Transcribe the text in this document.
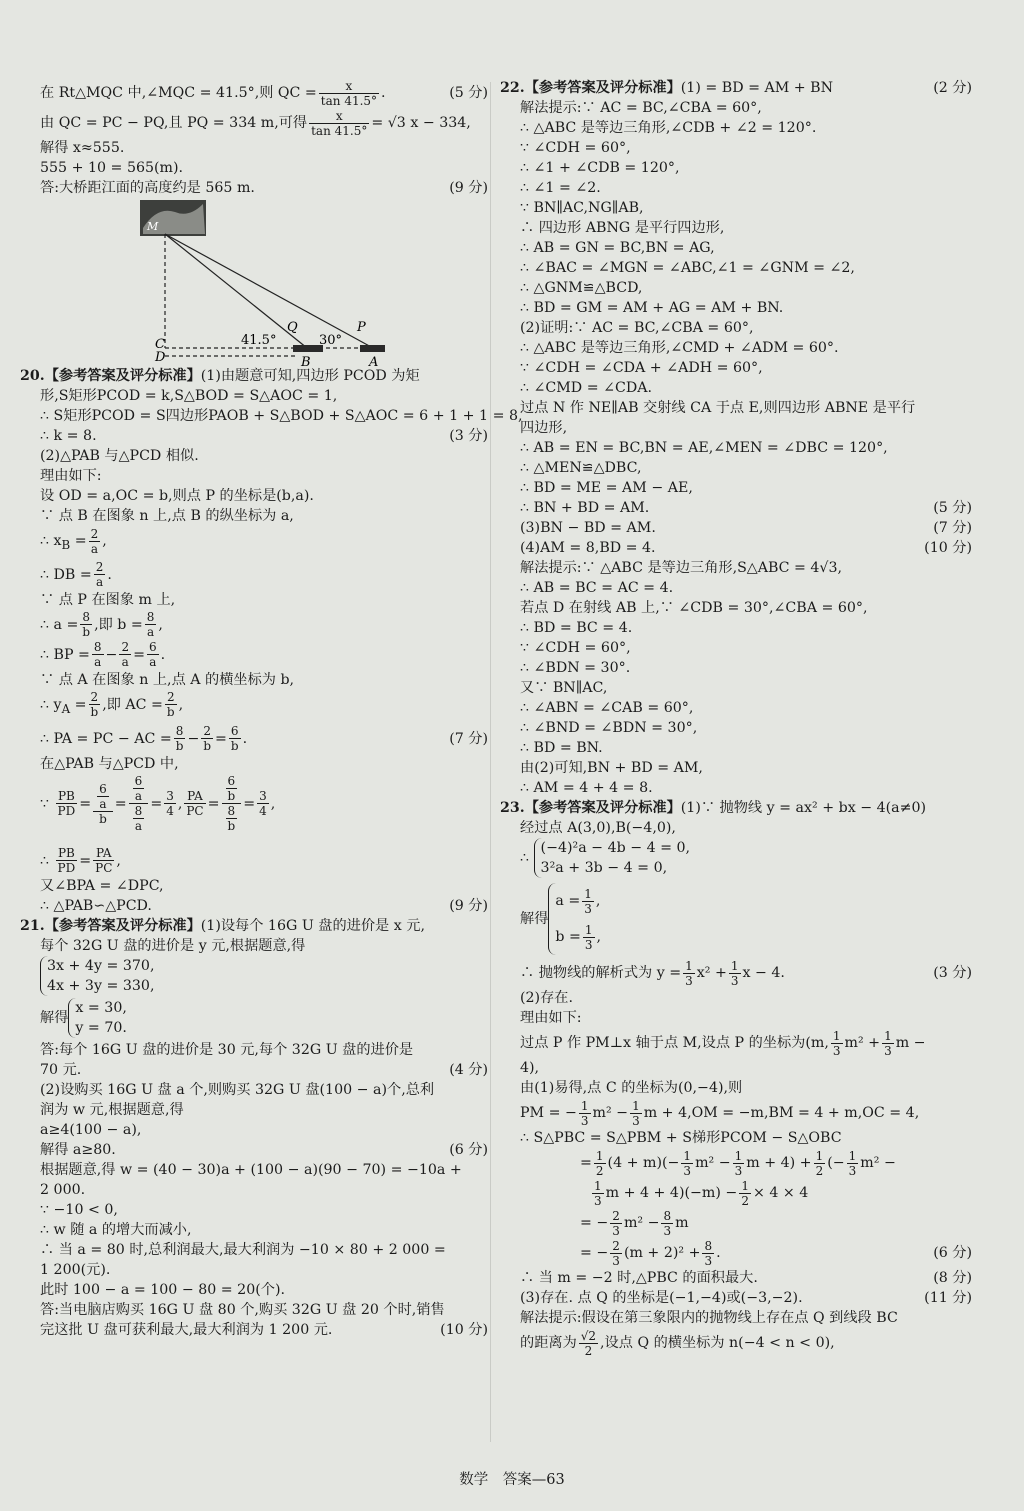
在 Rt△MQC 中,∠MQC = 41.5°,则 QC = $\frac{x}{\tan 41.5^\circ}$ .	(5 分)
由 QC = PC − PQ,且 PQ = 334 m,可得 $\frac{x}{\tan 41.5^\circ} = √3$ x − 334,
解得 x≈555.
555 + 10 = 565(m).
答:大桥距江面的高度约是 565 m.	(9 分)
M
C
D
Q	P
B	A
41.5°	30°
20.【参考答案及评分标准】(1)由题意可知,四边形 PCOD 为矩
形,S矩形PCOD = k,S△BOD = S△AOC = 1,
∴ S矩形PCOD = S四边形PAOB + S△BOD + S△AOC = 6 + 1 + 1 = 8,
∴ k = 8.	(3 分)
(2)△PAB 与△PCD 相似.
理由如下:
设 OD = a,OC = b,则点 P 的坐标是(b,a).
∵ 点 B 在图象 n 上,点 B 的纵坐标为 a,
∴ $x_B = \frac{2}{a}$ ,
∴ DB = $\frac{2}{a}$ .
∵ 点 P 在图象 m 上,
∴ $a = \frac{8}{b}$ ,即 $b = \frac{8}{a}$ ,
∴ BP = $\frac{8}{a} - \frac{2}{a} = \frac{6}{a}$ .
∵ 点 A 在图象 n 上,点 A 的横坐标为 b,
∴ $y_A = \frac{2}{b}$ ,即 AC = $\frac{2}{b}$ ,
∴ PA = PC − AC = $\frac{8}{b} - \frac{2}{b} = \frac{6}{b}$ .	(7 分)
在△PAB 与△PCD 中,
∵ $\frac{PB}{PD} = \frac{\frac{6}{a}}{b} = \frac{\frac{6}{a}}{\frac{8}{a}} = \frac{3}{4}$ , $\frac{PA}{PC} = \frac{\frac{6}{b}}{\frac{8}{b}} = \frac{3}{4}$ ,
∴ $\frac{PB}{PD} = \frac{PA}{PC}$ ,
又∠BPA = ∠DPC,
∴ △PAB∽△PCD.	(9 分)
21.【参考答案及评分标准】(1)设每个 16G U 盘的进价是 x 元,
每个 32G U 盘的进价是 y 元,根据题意,得
3x + 4y = 370,
4x + 3y = 330,
解得
x = 30,
y = 70.
答:每个 16G U 盘的进价是 30 元,每个 32G U 盘的进价是
70 元.	(4 分)
(2)设购买 16G U 盘 a 个,则购买 32G U 盘(100 − a)个,总利
润为 w 元,根据题意,得
a≥4(100 − a),
解得 a≥80.	(6 分)
根据题意,得 w = (40 − 30)a + (100 − a)(90 − 70) = −10a +
2 000.
∵ −10 < 0,
∴ w 随 a 的增大而减小,
∴ 当 a = 80 时,总利润最大,最大利润为 −10 × 80 + 2 000 =
1 200(元).
此时 100 − a = 100 − 80 = 20(个).
答:当电脑店购买 16G U 盘 80 个,购买 32G U 盘 20 个时,销售
完这批 U 盘可获利最大,最大利润为 1 200 元.	(10 分)
22.【参考答案及评分标准】(1) = BD = AM + BN	(2 分)
解法提示:∵ AC = BC,∠CBA = 60°,
∴ △ABC 是等边三角形,∠CDB + ∠2 = 120°.
∵ ∠CDH = 60°,
∴ ∠1 + ∠CDB = 120°,
∴ ∠1 = ∠2.
∵ BN∥AC,NG∥AB,
∴ 四边形 ABNG 是平行四边形,
∴ AB = GN = BC,BN = AG,
∴ ∠BAC = ∠MGN = ∠ABC,∠1 = ∠GNM = ∠2,
∴ △GNM≌△BCD,
∴ BD = GM = AM + AG = AM + BN.
(2)证明:∵ AC = BC,∠CBA = 60°,
∴ △ABC 是等边三角形,∠CMD + ∠ADM = 60°.
∵ ∠CDH = ∠CDA + ∠ADH = 60°,
∴ ∠CMD = ∠CDA.
过点 N 作 NE∥AB 交射线 CA 于点 E,则四边形 ABNE 是平行
四边形,
∴ AB = EN = BC,BN = AE,∠MEN = ∠DBC = 120°,
∴ △MEN≌△DBC,
∴ BD = ME = AM − AE,
∴ BN + BD = AM.	(5 分)
(3)BN − BD = AM.	(7 分)
(4)AM = 8,BD = 4.	(10 分)
解法提示:∵ △ABC 是等边三角形,S△ABC = 4√3,
∴ AB = BC = AC = 4.
若点 D 在射线 AB 上,∵ ∠CDB = 30°,∠CBA = 60°,
∴ BD = BC = 4.
∵ ∠CDH = 60°,
∴ ∠BDN = 30°.
又∵ BN∥AC,
∴ ∠ABN = ∠CAB = 60°,
∴ ∠BND = ∠BDN = 30°,
∴ BD = BN.
由(2)可知,BN + BD = AM,
∴ AM = 4 + 4 = 8.
23.【参考答案及评分标准】(1)∵ 抛物线 y = ax² + bx − 4(a≠0)
经过点 A(3,0),B(−4,0),
∴
(−4)²a − 4b − 4 = 0,
3²a + 3b − 4 = 0,
解得
$a = \frac{1}{3}$ ,
$b = \frac{1}{3}$ ,
∴ 抛物线的解析式为 $y = \frac{1}{3} x^2 + \frac{1}{3}$ x − 4.	(3 分)
(2)存在.
理由如下:
过点 P 作 PM⊥x 轴于点 M,设点 P 的坐标为(m, $\frac{1}{3} m^2 + \frac{1}{3}$ m −
4),
由(1)易得,点 C 的坐标为(0,−4),则
PM = − $\frac{1}{3} m^2 - \frac{1}{3}$ m + 4,OM = −m,BM = 4 + m,OC = 4,
∴ S△PBC = S△PBM + S梯形PCOM − S△OBC
= $\frac{1}{2} (4 + m)(- \frac{1}{3} m^2 - \frac{1}{3}$ $m + 4) + \frac{1}{2}$ (− $\frac{1}{3} m^2$ −
$\frac{1}{3}$ $m + 4 + 4)(-m) - \frac{1}{2} \times 4 \times 4$
= − $\frac{2}{3} m^2 - \frac{8}{3}$ m
= − $\frac{2}{3} (m + 2)^2 + \frac{8}{3}$ .	(6 分)
∴ 当 m = −2 时,△PBC 的面积最大.	(8 分)
(3)存在. 点 Q 的坐标是(−1,−4)或(−3,−2).	(11 分)
解法提示:假设在第三象限内的抛物线上存在点 Q 到线段 BC
的距离为 $\frac{√2}{2}$ ,设点 Q 的横坐标为 n(−4 < n < 0),
数学　答案—63
